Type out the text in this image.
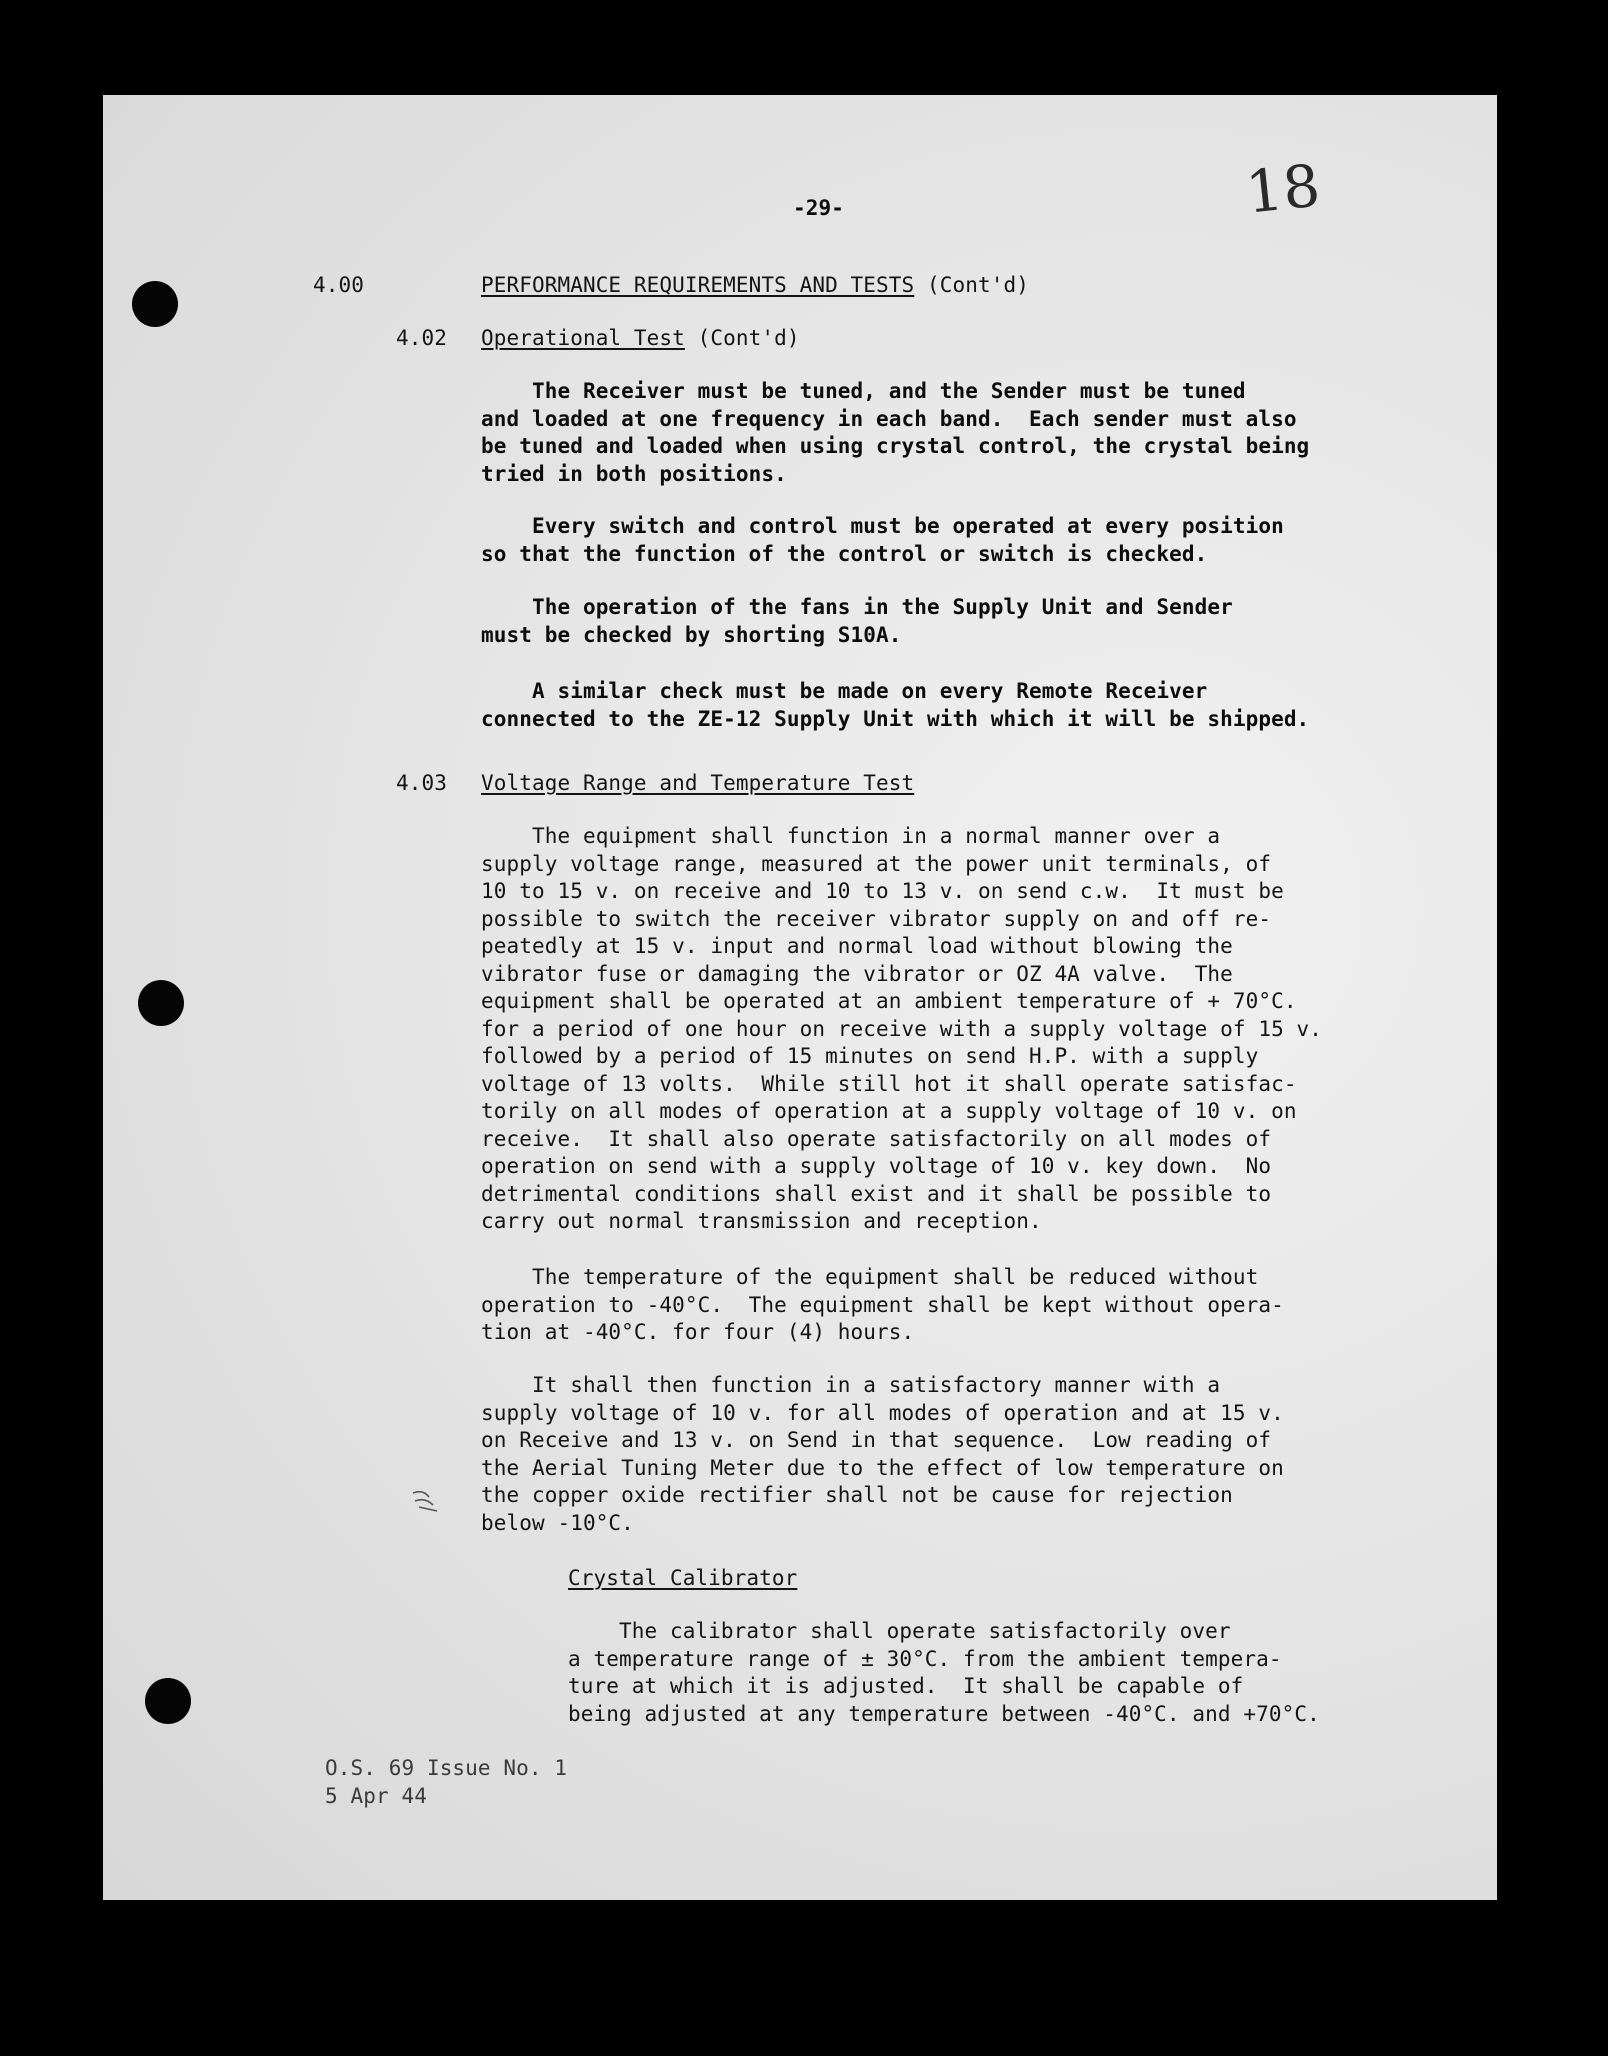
-29-	18
4.00	PERFORMANCE REQUIREMENTS AND TESTS (Cont'd)
4.02 Operational Test (Cont'd)
The Receiver must be tuned, and the Sender must be tuned
and loaded at one frequency in each band.  Each sender must also
be tuned and loaded when using crystal control, the crystal being
tried in both positions.
Every switch and control must be operated at every position
so that the function of the control or switch is checked.
The operation of the fans in the Supply Unit and Sender
must be checked by shorting S10A.
A similar check must be made on every Remote Receiver
connected to the ZE-12 Supply Unit with which it will be shipped.
4.03 Voltage Range and Temperature Test
The equipment shall function in a normal manner over a
supply voltage range, measured at the power unit terminals, of
10 to 15 v. on receive and 10 to 13 v. on send c.w.  It must be
possible to switch the receiver vibrator supply on and off re-
peatedly at 15 v. input and normal load without blowing the
vibrator fuse or damaging the vibrator or OZ 4A valve.  The
equipment shall be operated at an ambient temperature of + 70°C.
for a period of one hour on receive with a supply voltage of 15 v.
followed by a period of 15 minutes on send H.P. with a supply
voltage of 13 volts.  While still hot it shall operate satisfac-
torily on all modes of operation at a supply voltage of 10 v. on
receive.  It shall also operate satisfactorily on all modes of
operation on send with a supply voltage of 10 v. key down.  No
detrimental conditions shall exist and it shall be possible to
carry out normal transmission and reception.
The temperature of the equipment shall be reduced without
operation to -40°C.  The equipment shall be kept without opera-
tion at -40°C. for four (4) hours.
It shall then function in a satisfactory manner with a
supply voltage of 10 v. for all modes of operation and at 15 v.
on Receive and 13 v. on Send in that sequence.  Low reading of
the Aerial Tuning Meter due to the effect of low temperature on
the copper oxide rectifier shall not be cause for rejection
below -10°C.
Crystal Calibrator
The calibrator shall operate satisfactorily over
a temperature range of ± 30°C. from the ambient tempera-
ture at which it is adjusted.  It shall be capable of
being adjusted at any temperature between -40°C. and +70°C.
O.S. 69 Issue No. 1
5 Apr 44
